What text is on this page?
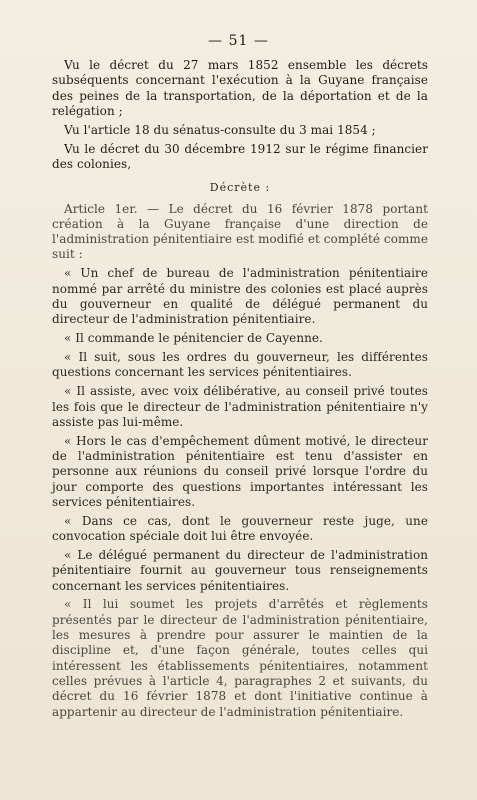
— 51 —

Vu le décret du 27 mars 1852 ensemble les décrets subséquents concernant l'exécution à la Guyane française des peines de la transportation, de la déportation et de la relégation ;

Vu l'article 18 du sénatus-consulte du 3 mai 1854 ;

Vu le décret du 30 décembre 1912 sur le régime financier des colonies,

Décrète :

Article 1er. — Le décret du 16 février 1878 portant création à la Guyane française d'une direction de l'administration pénitentiaire est modifié et complété comme suit :

« Un chef de bureau de l'administration pénitentiaire nommé par arrêté du ministre des colonies est placé auprès du gouverneur en qualité de délégué permanent du directeur de l'administration pénitentiaire.

« Il commande le pénitencier de Cayenne.

« Il suit, sous les ordres du gouverneur, les différentes questions concernant les services pénitentiaires.

« Il assiste, avec voix délibérative, au conseil privé toutes les fois que le directeur de l'administration pénitentiaire n'y assiste pas lui-même.

« Hors le cas d'empêchement dûment motivé, le directeur de l'administration pénitentiaire est tenu d'assister en personne aux réunions du conseil privé lorsque l'ordre du jour comporte des questions importantes intéressant les services pénitentiaires.

« Dans ce cas, dont le gouverneur reste juge, une convocation spéciale doit lui être envoyée.

« Le délégué permanent du directeur de l'administration pénitentiaire fournit au gouverneur tous renseignements concernant les services pénitentiaires.

« Il lui soumet les projets d'arrêtés et règlements présentés par le directeur de l'administration pénitentiaire, les mesures à prendre pour assurer le maintien de la discipline et, d'une façon générale, toutes celles qui intéressent les établissements pénitentiaires, notamment celles prévues à l'article 4, paragraphes 2 et suivants, du décret du 16 février 1878 et dont l'initiative continue à appartenir au directeur de l'administration pénitentiaire.
